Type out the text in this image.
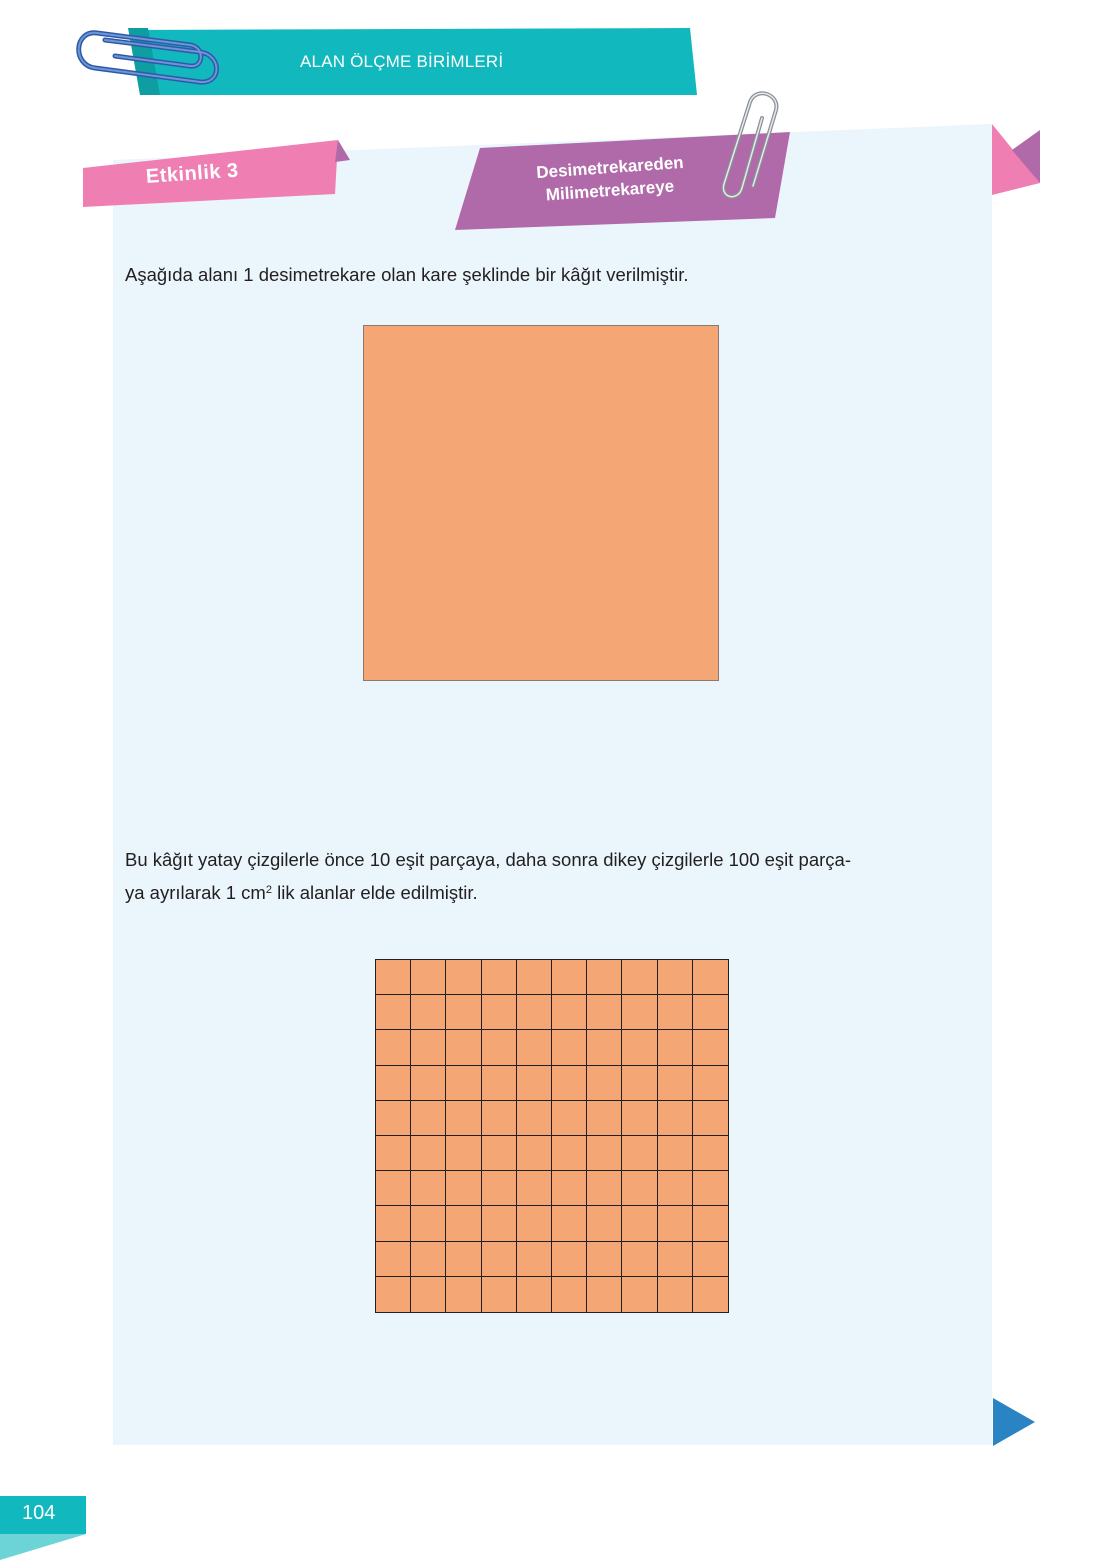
ALAN ÖLÇME BİRİMLERİ
Etkinlik 3	Desimetrekareden
Milimetrekareye
Aşağıda alanı 1 desimetrekare olan kare şeklinde bir kâğıt verilmiştir.
Bu kâğıt yatay çizgilerle önce 10 eşit parçaya, daha sonra dikey çizgilerle 100 eşit parça-
ya ayrılarak 1 $cm^2$ lik alanlar elde edilmiştir.
104
